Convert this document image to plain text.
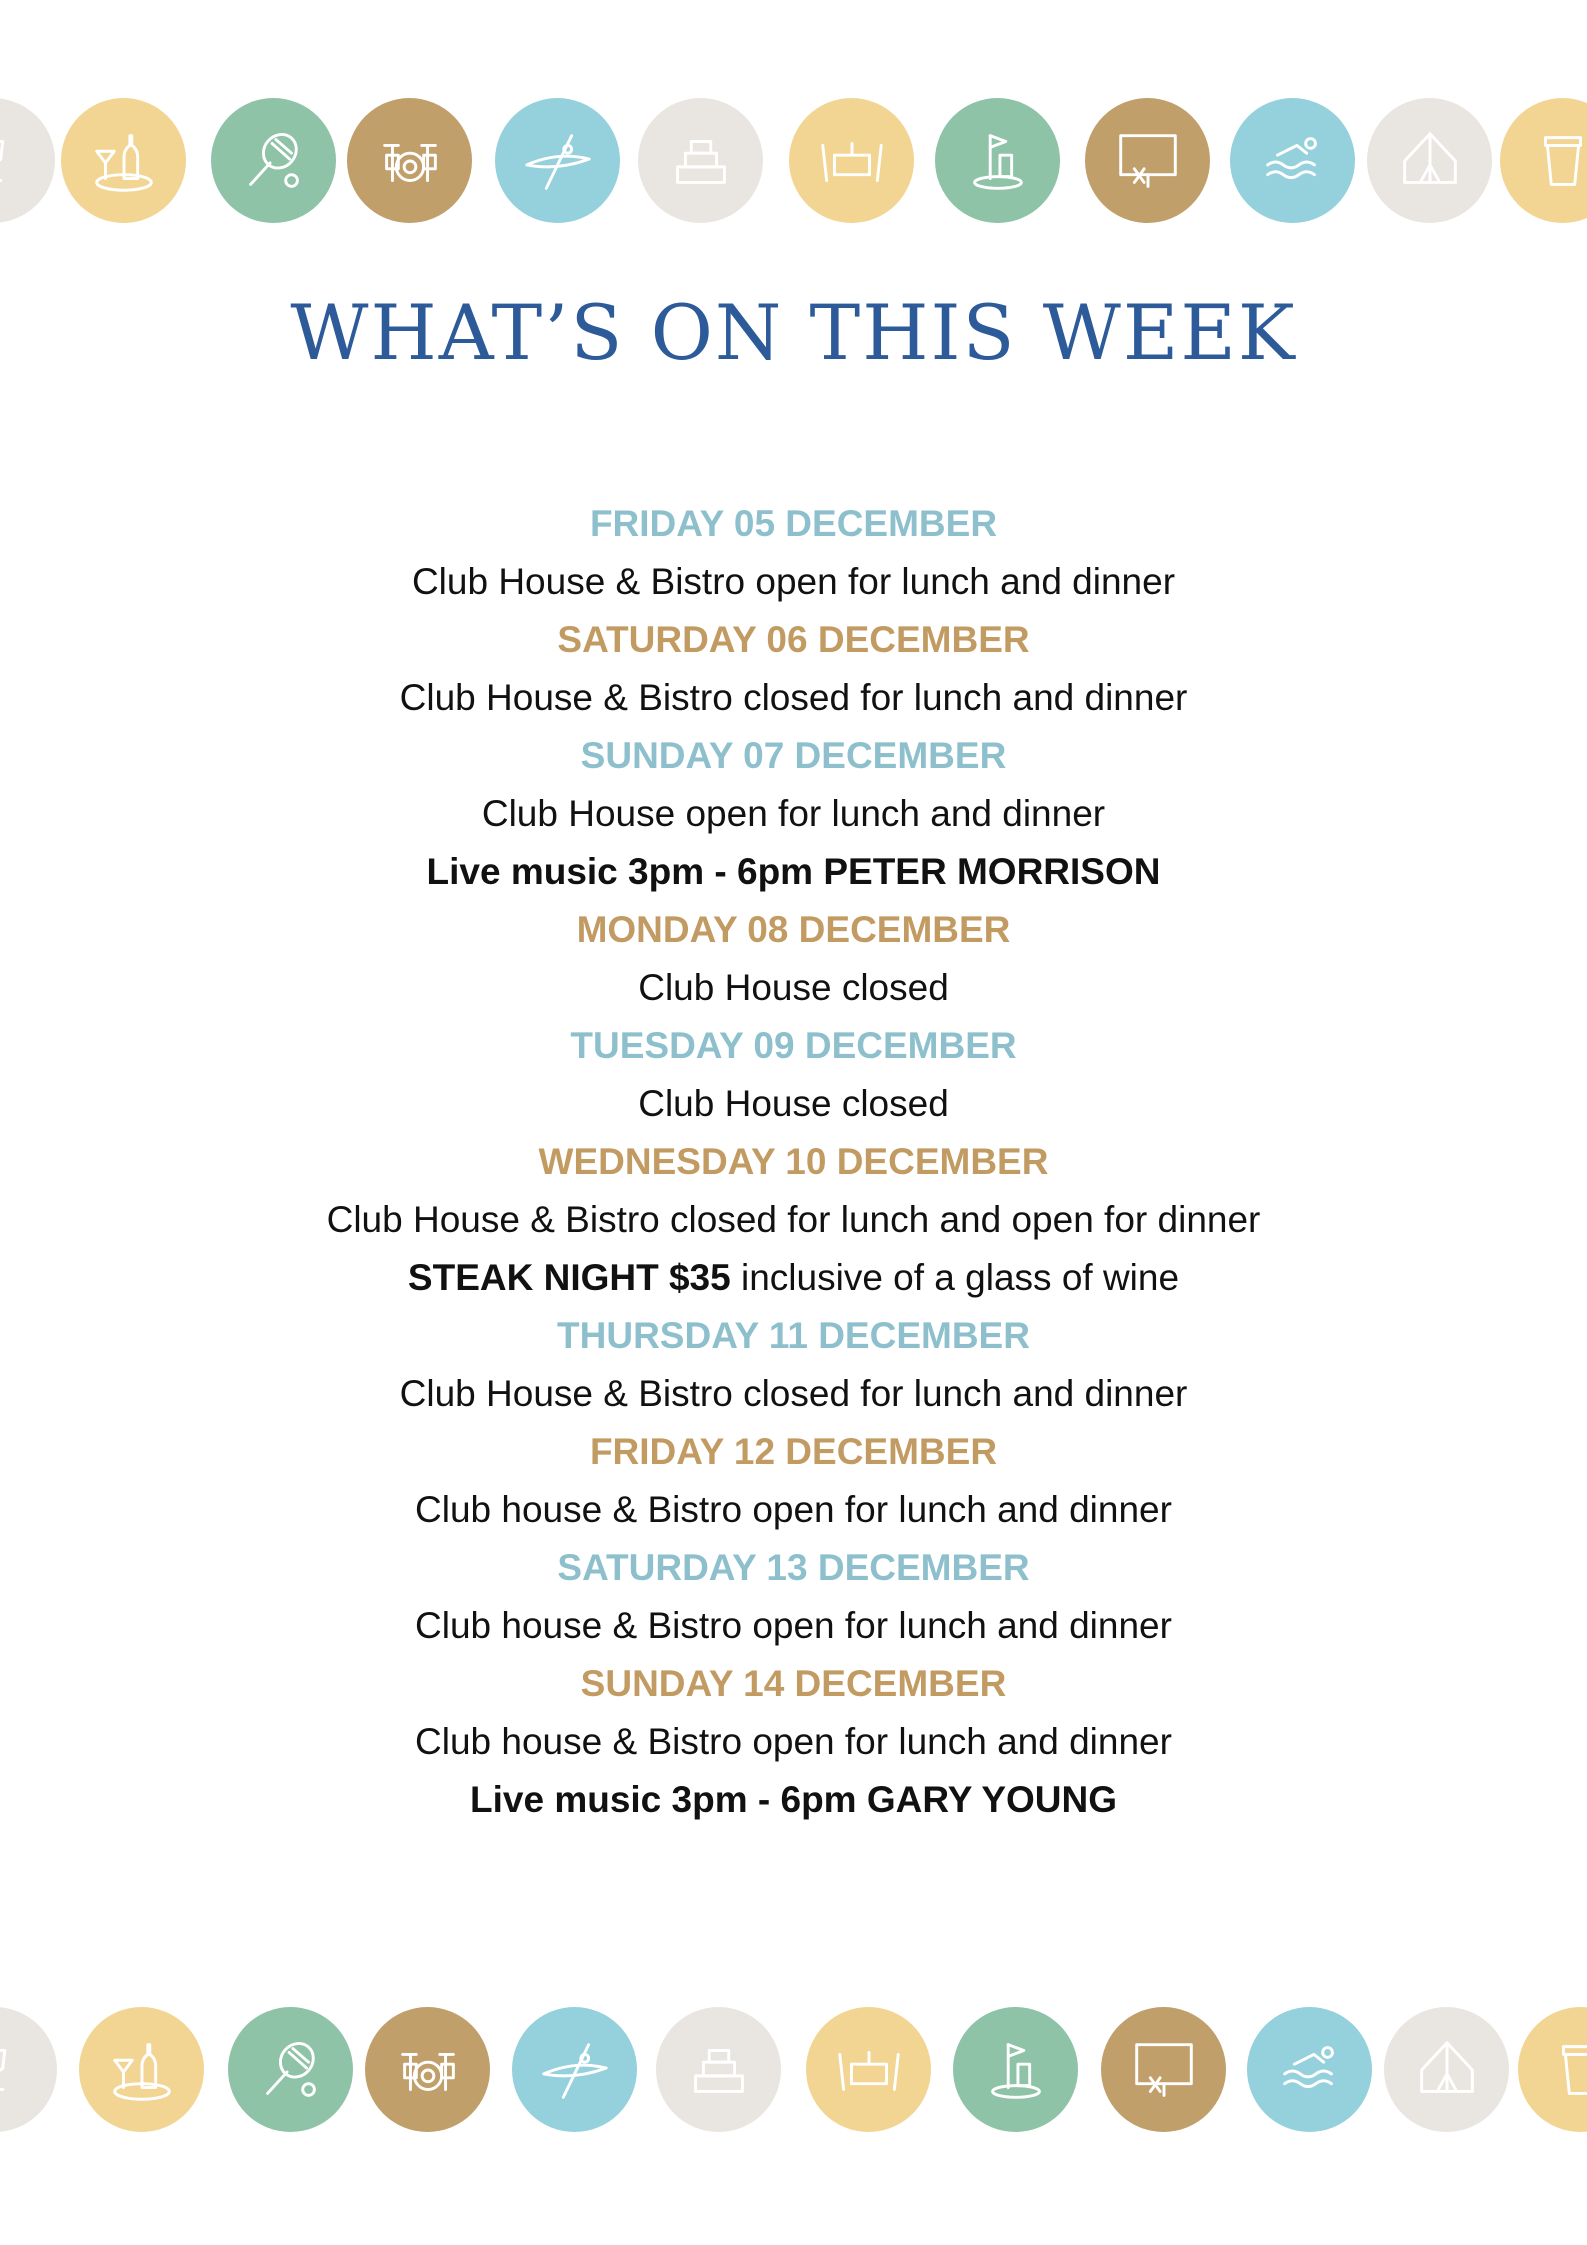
WHAT’S ON THIS WEEK
FRIDAY 05 DECEMBER
Club House & Bistro open for lunch and dinner
SATURDAY 06 DECEMBER
Club House & Bistro closed for lunch and dinner
SUNDAY 07 DECEMBER
Club House open for lunch and dinner
Live music 3pm - 6pm PETER MORRISON
MONDAY 08 DECEMBER
Club House closed
TUESDAY 09 DECEMBER
Club House closed
WEDNESDAY 10 DECEMBER
Club House & Bistro closed for lunch and open for dinner
STEAK NIGHT $35 inclusive of a glass of wine
THURSDAY 11 DECEMBER
Club House & Bistro closed for lunch and dinner
FRIDAY 12 DECEMBER
Club house & Bistro open for lunch and dinner
SATURDAY 13 DECEMBER
Club house & Bistro open for lunch and dinner
SUNDAY 14 DECEMBER
Club house & Bistro open for lunch and dinner
Live music 3pm - 6pm GARY YOUNG
